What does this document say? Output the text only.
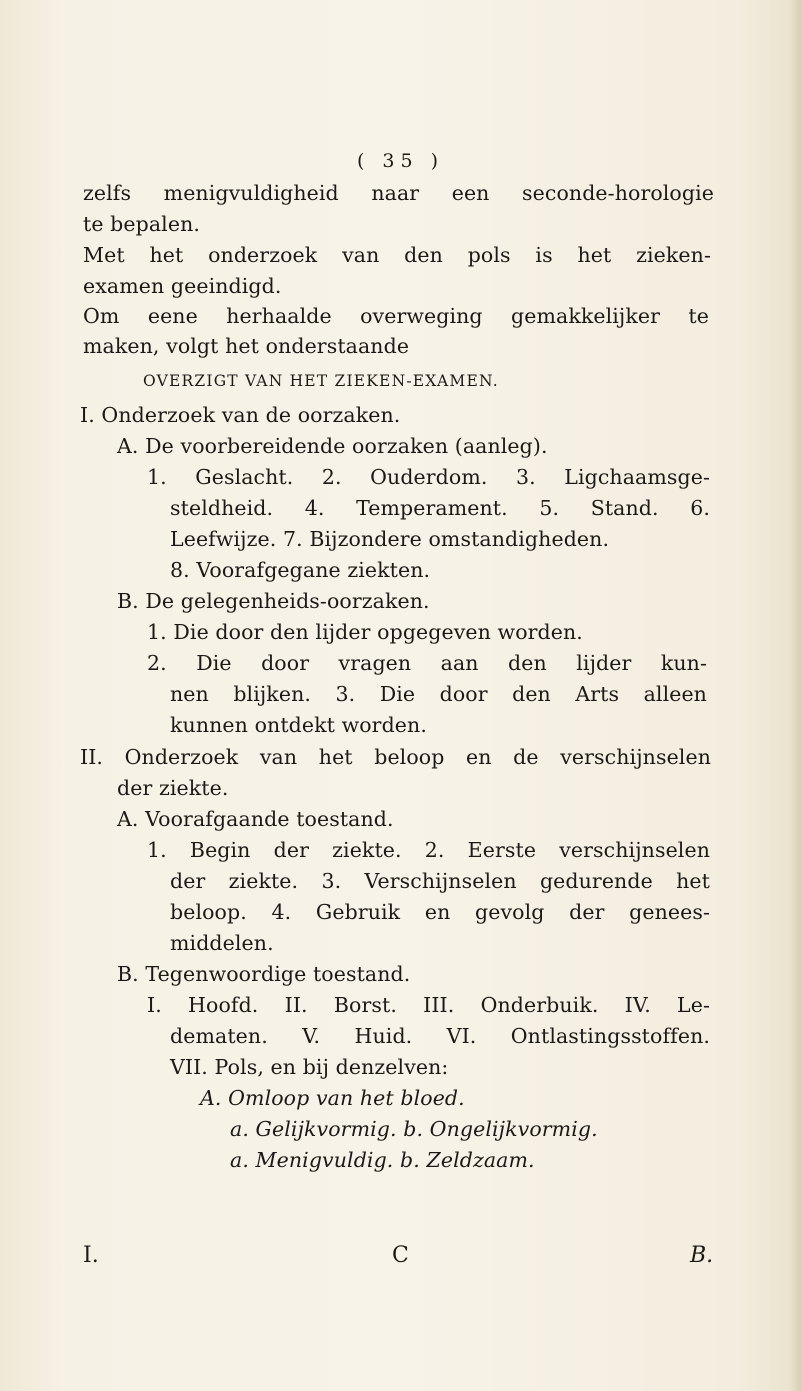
( 35 )
zelfs menigvuldigheid naar een seconde-horologie
te bepalen.
Met het onderzoek van den pols is het zieken-
examen geeindigd.
Om eene herhaalde overweging gemakkelijker te
maken, volgt het onderstaande
OVERZIGT VAN HET ZIEKEN-EXAMEN.
I. Onderzoek van de oorzaken.
A. De voorbereidende oorzaken (aanleg).
1. Geslacht. 2. Ouderdom. 3. Ligchaamsge-
steldheid. 4. Temperament. 5. Stand. 6.
Leefwijze. 7. Bijzondere omstandigheden.
8. Voorafgegane ziekten.
B. De gelegenheids-oorzaken.
1. Die door den lijder opgegeven worden.
2. Die door vragen aan den lijder kun-
nen blijken. 3. Die door den Arts alleen
kunnen ontdekt worden.
II. Onderzoek van het beloop en de verschijnselen
der ziekte.
A. Voorafgaande toestand.
1. Begin der ziekte. 2. Eerste verschijnselen
der ziekte. 3. Verschijnselen gedurende het
beloop. 4. Gebruik en gevolg der genees-
middelen.
B. Tegenwoordige toestand.
I. Hoofd. II. Borst. III. Onderbuik. IV. Le-
dematen. V. Huid. VI. Ontlastingsstoffen.
VII. Pols, en bij denzelven:
A. Omloop van het bloed.
a. Gelijkvormig. b. Ongelijkvormig.
a. Menigvuldig. b. Zeldzaam.
I.	C	B.
